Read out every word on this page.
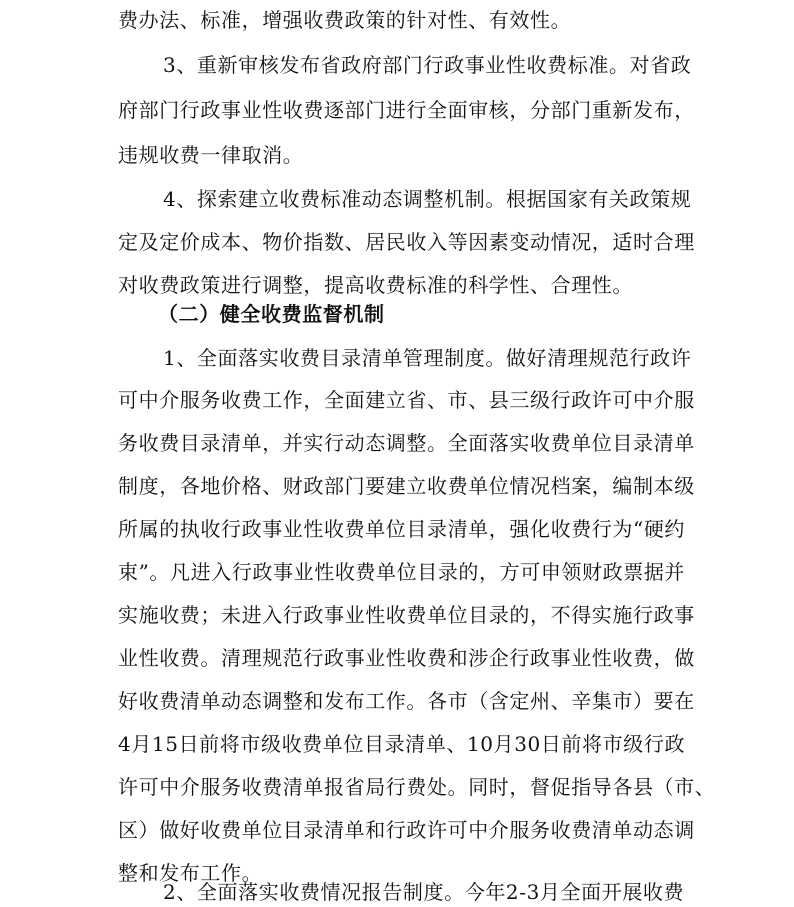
费办法、标准，增强收费政策的针对性、有效性。
3、重新审核发布省政府部门行政事业性收费标准。对省政
府部门行政事业性收费逐部门进行全面审核，分部门重新发布，
违规收费一律取消。
4、探索建立收费标准动态调整机制。根据国家有关政策规
定及定价成本、物价指数、居民收入等因素变动情况，适时合理
对收费政策进行调整，提高收费标准的科学性、合理性。
（二）健全收费监督机制
1、全面落实收费目录清单管理制度。做好清理规范行政许
可中介服务收费工作，全面建立省、市、县三级行政许可中介服
务收费目录清单，并实行动态调整。全面落实收费单位目录清单
制度，各地价格、财政部门要建立收费单位情况档案，编制本级
所属的执收行政事业性收费单位目录清单，强化收费行为“硬约
束”。凡进入行政事业性收费单位目录的，方可申领财政票据并
实施收费；未进入行政事业性收费单位目录的，不得实施行政事
业性收费。清理规范行政事业性收费和涉企行政事业性收费，做
好收费清单动态调整和发布工作。各市（含定州、辛集市）要在
4月15日前将市级收费单位目录清单、10月30日前将市级行政
许可中介服务收费清单报省局行费处。同时，督促指导各县（市、
区）做好收费单位目录清单和行政许可中介服务收费清单动态调
整和发布工作。
2、全面落实收费情况报告制度。今年2-3月全面开展收费
